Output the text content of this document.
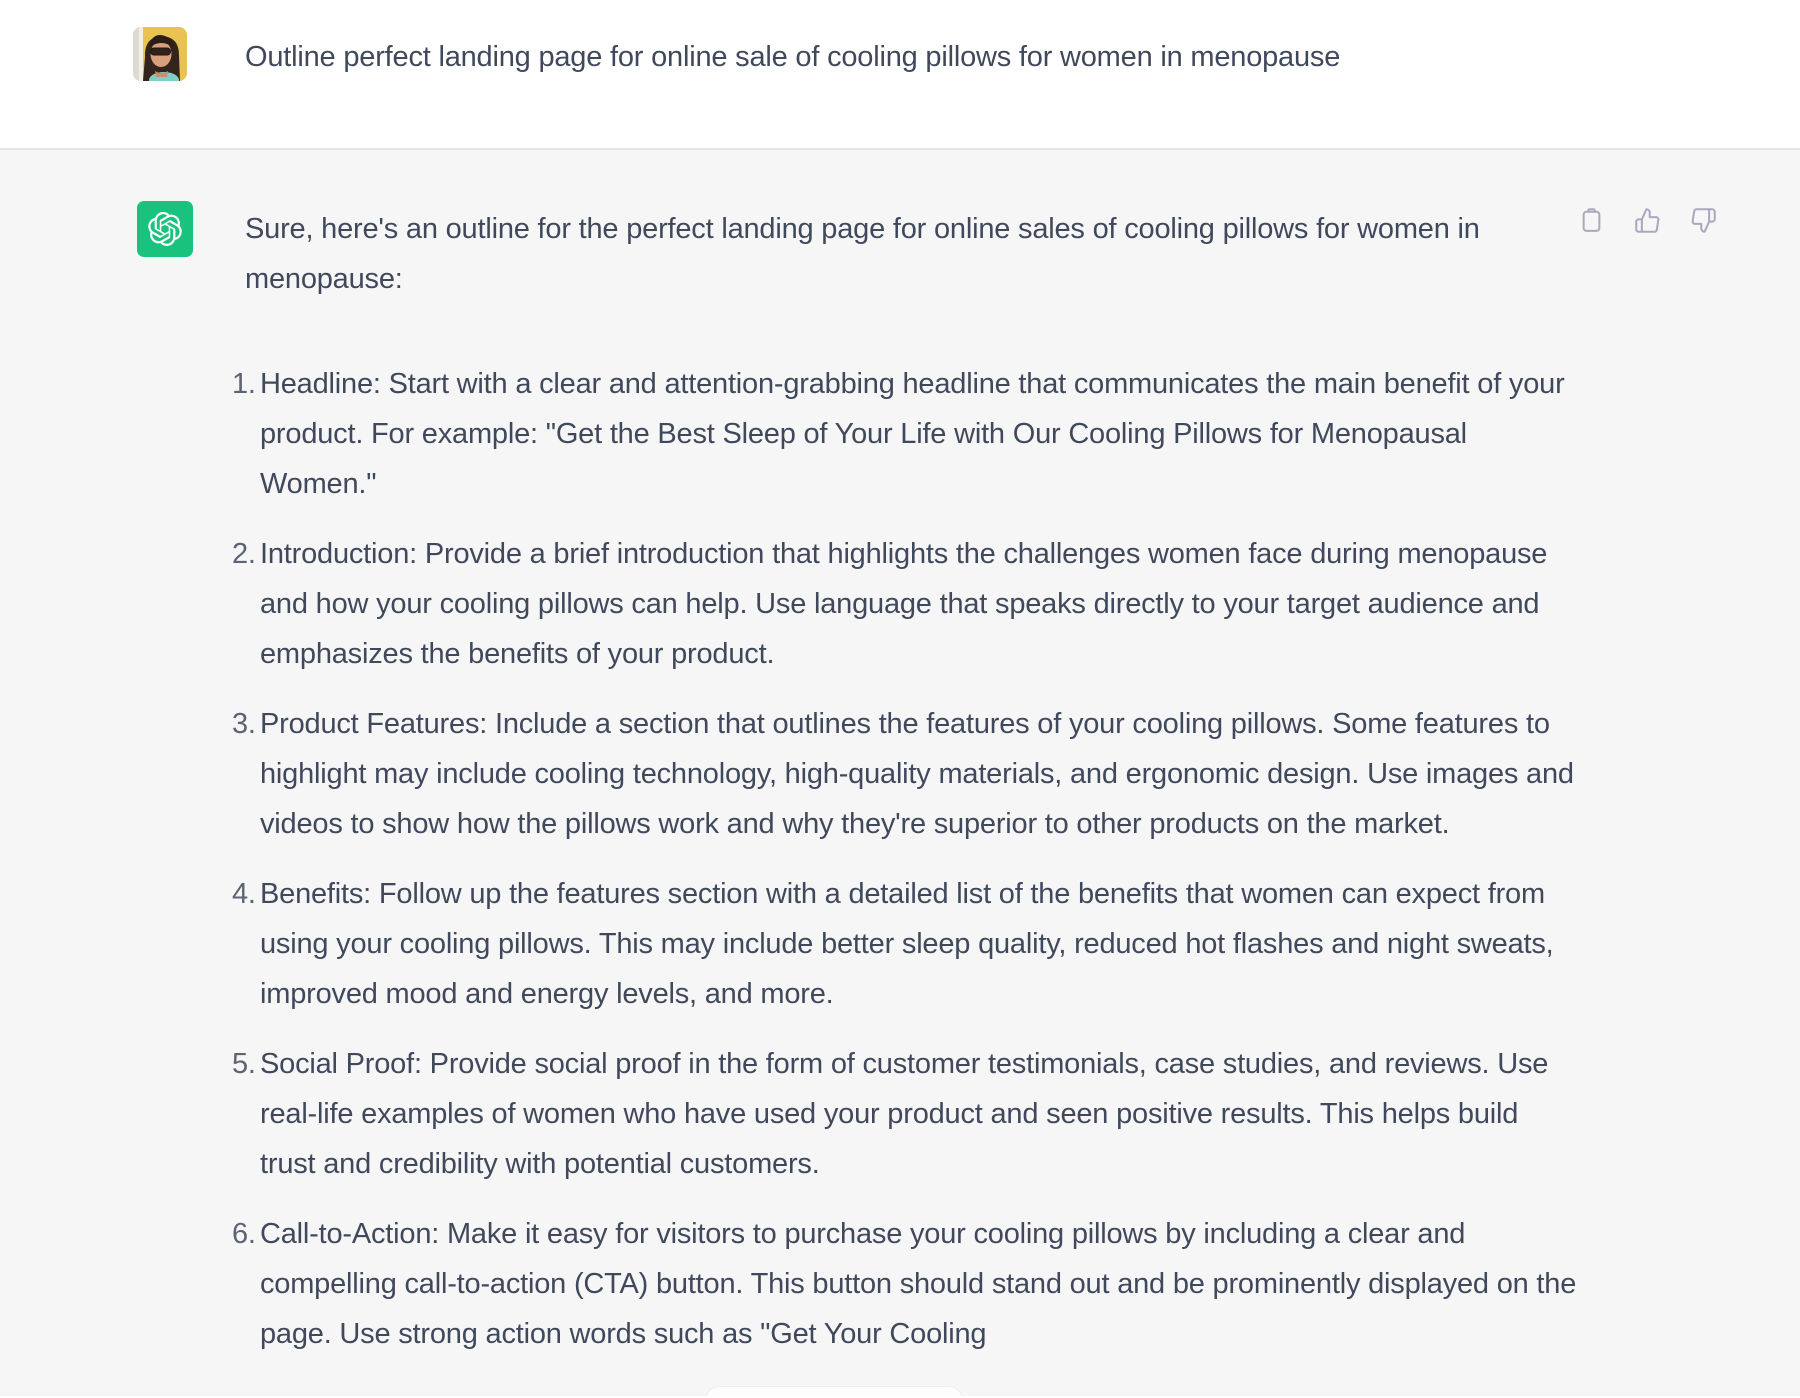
Outline perfect landing page for online sale of cooling pillows for women in menopause

Sure, here's an outline for the perfect landing page for online sales of cooling pillows for women in menopause:

1. Headline: Start with a clear and attention-grabbing headline that communicates the main benefit of your product. For example: "Get the Best Sleep of Your Life with Our Cooling Pillows for Menopausal Women."
2. Introduction: Provide a brief introduction that highlights the challenges women face during menopause and how your cooling pillows can help. Use language that speaks directly to your target audience and emphasizes the benefits of your product.
3. Product Features: Include a section that outlines the features of your cooling pillows. Some features to highlight may include cooling technology, high-quality materials, and ergonomic design. Use images and videos to show how the pillows work and why they're superior to other products on the market.
4. Benefits: Follow up the features section with a detailed list of the benefits that women can expect from using your cooling pillows. This may include better sleep quality, reduced hot flashes and night sweats, improved mood and energy levels, and more.
5. Social Proof: Provide social proof in the form of customer testimonials, case studies, and reviews. Use real-life examples of women who have used your product and seen positive results. This helps build trust and credibility with potential customers.
6. Call-to-Action: Make it easy for visitors to purchase your cooling pillows by including a clear and compelling call-to-action (CTA) button. This button should stand out and be prominently displayed on the page. Use strong action words such as "Get Your Cooling
